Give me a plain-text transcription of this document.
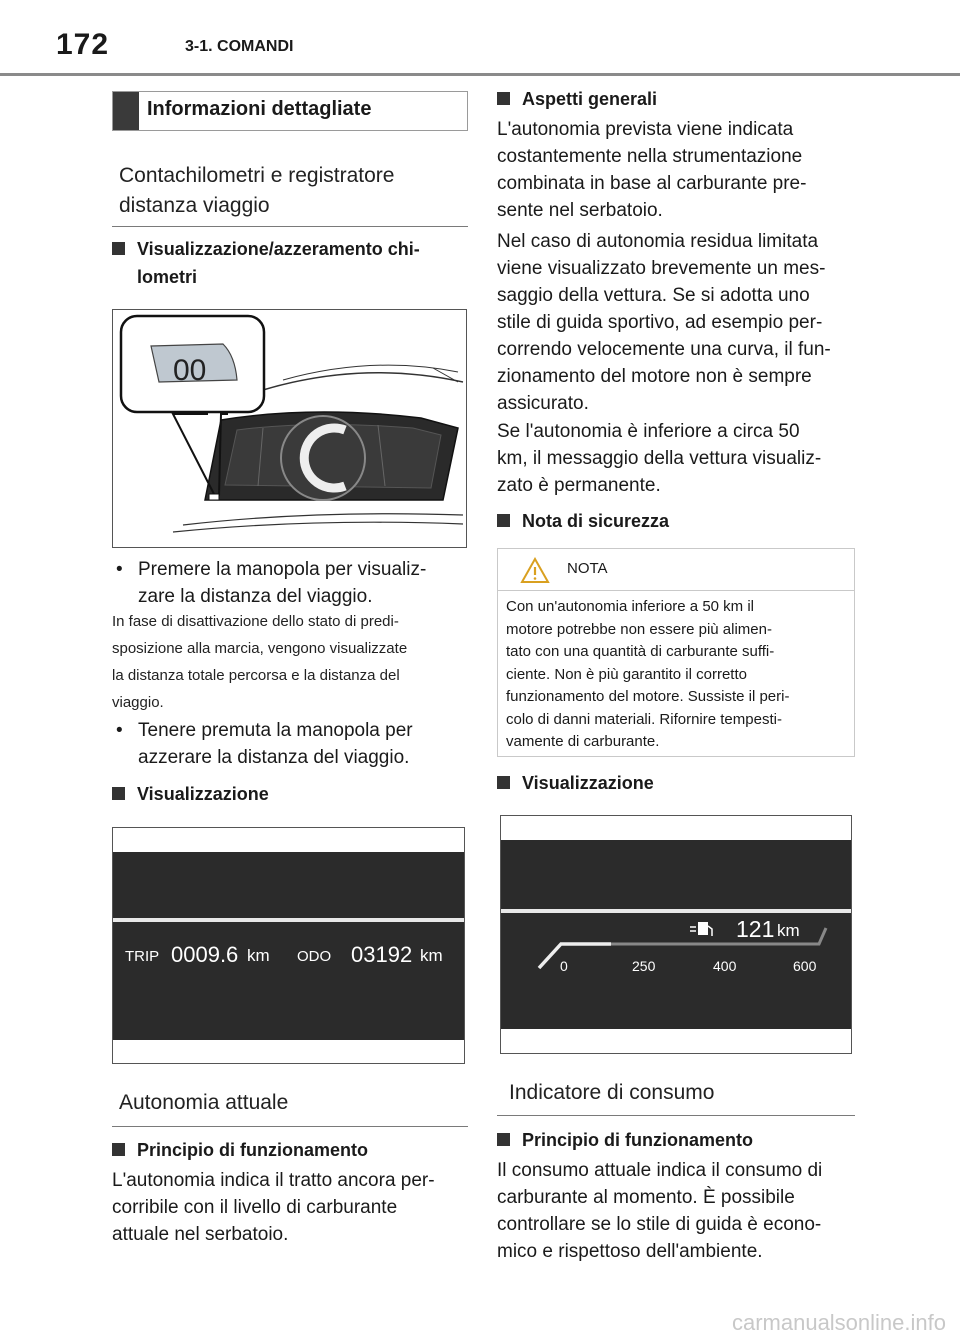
172	3-1. COMANDI
Informazioni dettagliate
Contachilometri e registratore
distanza viaggio
Visualizzazione/azzeramento chi-
lometri
00
• Premere la manopola per visualiz-
zare la distanza del viaggio.
In fase di disattivazione dello stato di predi-
sposizione alla marcia, vengono visualizzate
la distanza totale percorsa e la distanza del
viaggio.
• Tenere premuta la manopola per
azzerare la distanza del viaggio.
Visualizzazione
TRIP 0009.6 km ODO 03192 km
Autonomia attuale
Principio di funzionamento
L'autonomia indica il tratto ancora per-
corribile con il livello di carburante
attuale nel serbatoio.
Aspetti generali
L'autonomia prevista viene indicata
costantemente nella strumentazione
combinata in base al carburante pre-
sente nel serbatoio.
Nel caso di autonomia residua limitata
viene visualizzato brevemente un mes-
saggio della vettura. Se si adotta uno
stile di guida sportivo, ad esempio per-
correndo velocemente una curva, il fun-
zionamento del motore non è sempre
assicurato.
Se l'autonomia è inferiore a circa 50
km, il messaggio della vettura visualiz-
zato è permanente.
Nota di sicurezza
NOTA
Con un'autonomia inferiore a 50 km il
motore potrebbe non essere più alimen-
tato con una quantità di carburante suffi-
ciente. Non è più garantito il corretto
funzionamento del motore. Sussiste il peri-
colo di danni materiali. Rifornire tempesti-
vamente di carburante.
Visualizzazione
121 km
0	250	400	600
Indicatore di consumo
Principio di funzionamento
Il consumo attuale indica il consumo di
carburante al momento. È possibile
controllare se lo stile di guida è econo-
mico e rispettoso dell'ambiente.
carmanualsonline.info
